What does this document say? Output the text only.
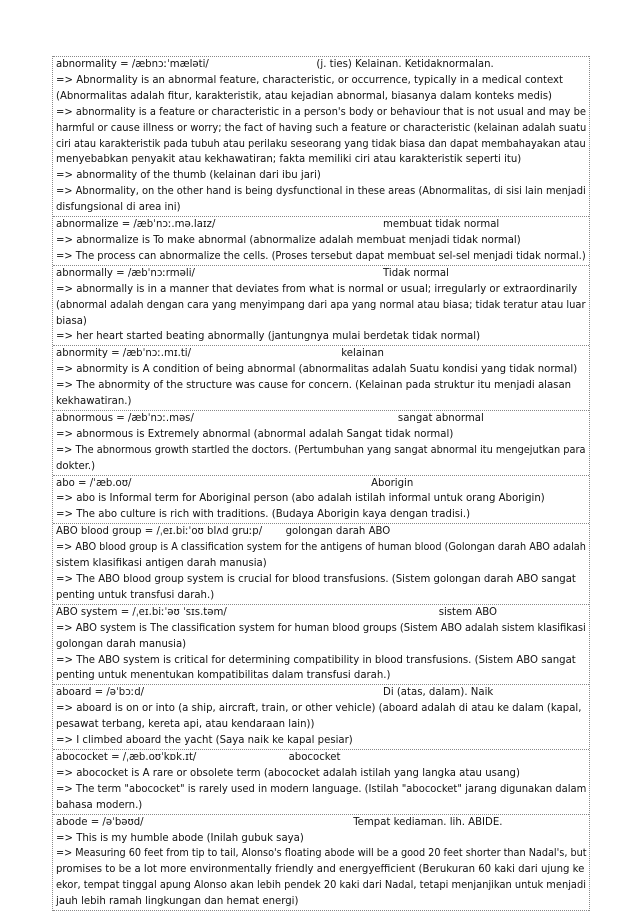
abnormality = /æbnɔːˈmæləti/	(j. ties) Kelainan. Ketidaknormalan.
=> Abnormality is an abnormal feature, characteristic, or occurrence, typically in a medical context
(Abnormalitas adalah fitur, karakteristik, atau kejadian abnormal, biasanya dalam konteks medis)
=> abnormality is a feature or characteristic in a person's body or behaviour that is not usual and may be
harmful or cause illness or worry; the fact of having such a feature or characteristic (kelainan adalah suatu
ciri atau karakteristik pada tubuh atau perilaku seseorang yang tidak biasa dan dapat membahayakan atau
menyebabkan penyakit atau kekhawatiran; fakta memiliki ciri atau karakteristik seperti itu)
=> abnormality of the thumb (kelainan dari ibu jari)
=> Abnormality, on the other hand is being dysfunctional in these areas (Abnormalitas, di sisi lain menjadi
disfungsional di area ini)
abnormalize = /æbˈnɔː.mə.laɪz/	membuat tidak normal
=> abnormalize is To make abnormal (abnormalize adalah membuat menjadi tidak normal)
=> The process can abnormalize the cells. (Proses tersebut dapat membuat sel-sel menjadi tidak normal.)
abnormally = /æbˈnɔːrməli/	Tidak normal
=> abnormally is in a manner that deviates from what is normal or usual; irregularly or extraordinarily
(abnormal adalah dengan cara yang menyimpang dari apa yang normal atau biasa; tidak teratur atau luar
biasa)
=> her heart started beating abnormally (jantungnya mulai berdetak tidak normal)
abnormity = /æbˈnɔː.mɪ.ti/	kelainan
=> abnormity is A condition of being abnormal (abnormalitas adalah Suatu kondisi yang tidak normal)
=> The abnormity of the structure was cause for concern. (Kelainan pada struktur itu menjadi alasan
kekhawatiran.)
abnormous = /æbˈnɔː.məs/	sangat abnormal
=> abnormous is Extremely abnormal (abnormal adalah Sangat tidak normal)
=> The abnormous growth startled the doctors. (Pertumbuhan yang sangat abnormal itu mengejutkan para
dokter.)
abo = /ˈæb.oʊ/	Aborigin
=> abo is Informal term for Aboriginal person (abo adalah istilah informal untuk orang Aborigin)
=> The abo culture is rich with traditions. (Budaya Aborigin kaya dengan tradisi.)
ABO blood group = /ˌeɪ.biːˈoʊ blʌd gruːp/ golongan darah ABO
=> ABO blood group is A classification system for the antigens of human blood (Golongan darah ABO adalah
sistem klasifikasi antigen darah manusia)
=> The ABO blood group system is crucial for blood transfusions. (Sistem golongan darah ABO sangat
penting untuk transfusi darah.)
ABO system = /ˌeɪ.biːˈəʊ ˈsɪs.təm/	sistem ABO
=> ABO system is The classification system for human blood groups (Sistem ABO adalah sistem klasifikasi
golongan darah manusia)
=> The ABO system is critical for determining compatibility in blood transfusions. (Sistem ABO sangat
penting untuk menentukan kompatibilitas dalam transfusi darah.)
aboard = /əˈbɔːd/	Di (atas, dalam). Naik
=> aboard is on or into (a ship, aircraft, train, or other vehicle) (aboard adalah di atau ke dalam (kapal,
pesawat terbang, kereta api, atau kendaraan lain))
=> I climbed aboard the yacht (Saya naik ke kapal pesiar)
abococket = /ˌæb.oʊˈkɒk.ɪt/	abococket
=> abococket is A rare or obsolete term (abococket adalah istilah yang langka atau usang)
=> The term "abococket" is rarely used in modern language. (Istilah "abococket" jarang digunakan dalam
bahasa modern.)
abode = /əˈbəʊd/	Tempat kediaman. lih. ABIDE.
=> This is my humble abode (Inilah gubuk saya)
=> Measuring 60 feet from tip to tail, Alonso's floating abode will be a good 20 feet shorter than Nadal's, but
promises to be a lot more environmentally friendly and energyefficient (Berukuran 60 kaki dari ujung ke
ekor, tempat tinggal apung Alonso akan lebih pendek 20 kaki dari Nadal, tetapi menjanjikan untuk menjadi
jauh lebih ramah lingkungan dan hemat energi)
